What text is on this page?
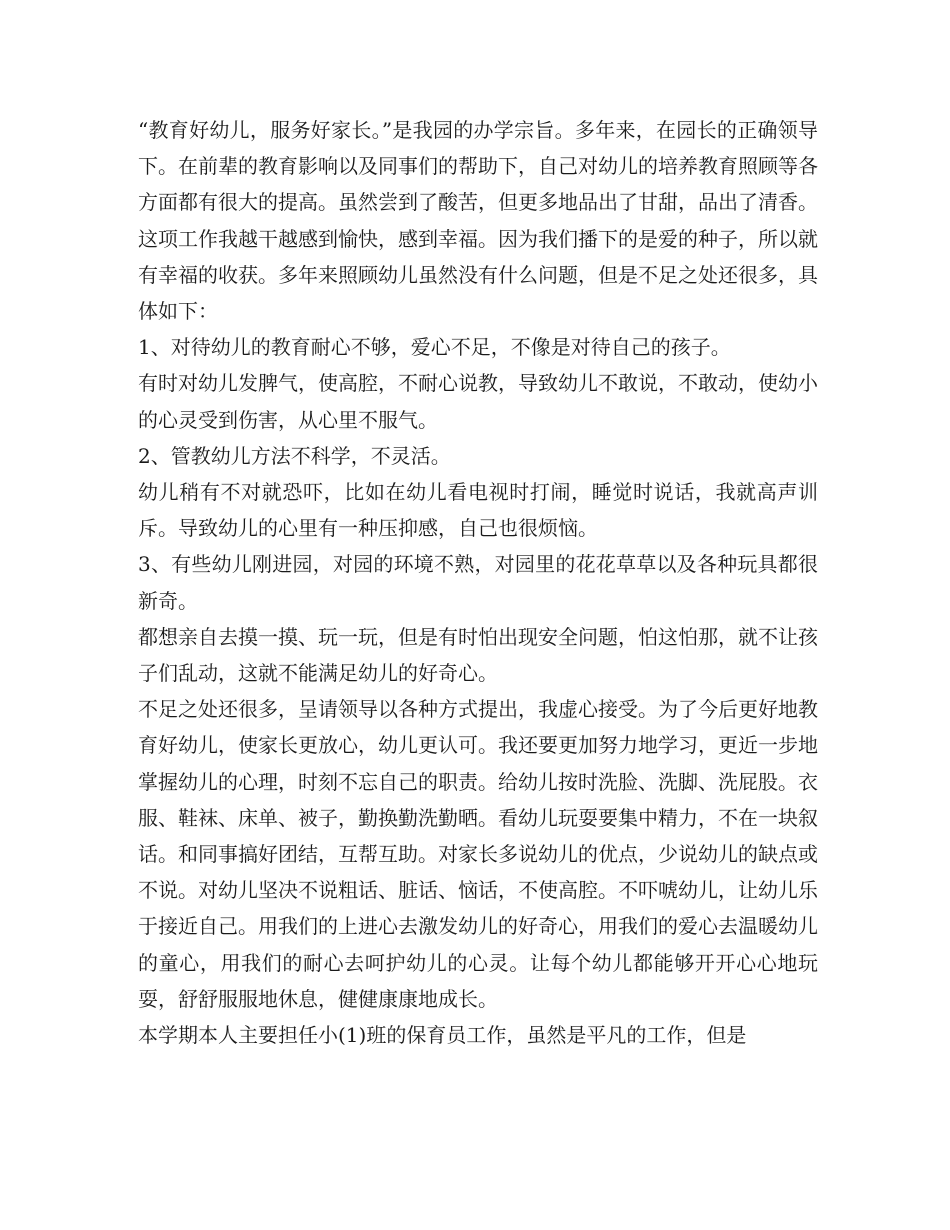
“教育好幼儿，服务好家长。”是我园的办学宗旨。多年来，在园长的正确领导下。在前辈的教育影响以及同事们的帮助下，自己对幼儿的培养教育照顾等各方面都有很大的提高。虽然尝到了酸苦，但更多地品出了甘甜，品出了清香。这项工作我越干越感到愉快，感到幸福。因为我们播下的是爱的种子，所以就有幸福的收获。多年来照顾幼儿虽然没有什么问题，但是不足之处还很多，具体如下：

1、对待幼儿的教育耐心不够，爱心不足，不像是对待自己的孩子。

有时对幼儿发脾气，使高腔，不耐心说教，导致幼儿不敢说，不敢动，使幼小的心灵受到伤害，从心里不服气。

2、管教幼儿方法不科学，不灵活。

幼儿稍有不对就恐吓，比如在幼儿看电视时打闹，睡觉时说话，我就高声训斥。导致幼儿的心里有一种压抑感，自己也很烦恼。

3、有些幼儿刚进园，对园的环境不熟，对园里的花花草草以及各种玩具都很新奇。

都想亲自去摸一摸、玩一玩，但是有时怕出现安全问题，怕这怕那，就不让孩子们乱动，这就不能满足幼儿的好奇心。

不足之处还很多，呈请领导以各种方式提出，我虚心接受。为了今后更好地教育好幼儿，使家长更放心，幼儿更认可。我还要更加努力地学习，更近一步地掌握幼儿的心理，时刻不忘自己的职责。给幼儿按时洗脸、洗脚、洗屁股。衣服、鞋袜、床单、被子，勤换勤洗勤晒。看幼儿玩耍要集中精力，不在一块叙话。和同事搞好团结，互帮互助。对家长多说幼儿的优点，少说幼儿的缺点或不说。对幼儿坚决不说粗话、脏话、恼话，不使高腔。不吓唬幼儿，让幼儿乐于接近自己。用我们的上进心去激发幼儿的好奇心，用我们的爱心去温暖幼儿的童心，用我们的耐心去呵护幼儿的心灵。让每个幼儿都能够开开心心地玩耍，舒舒服服地休息，健健康康地成长。

本学期本人主要担任小(1)班的保育员工作，虽然是平凡的工作，但是
